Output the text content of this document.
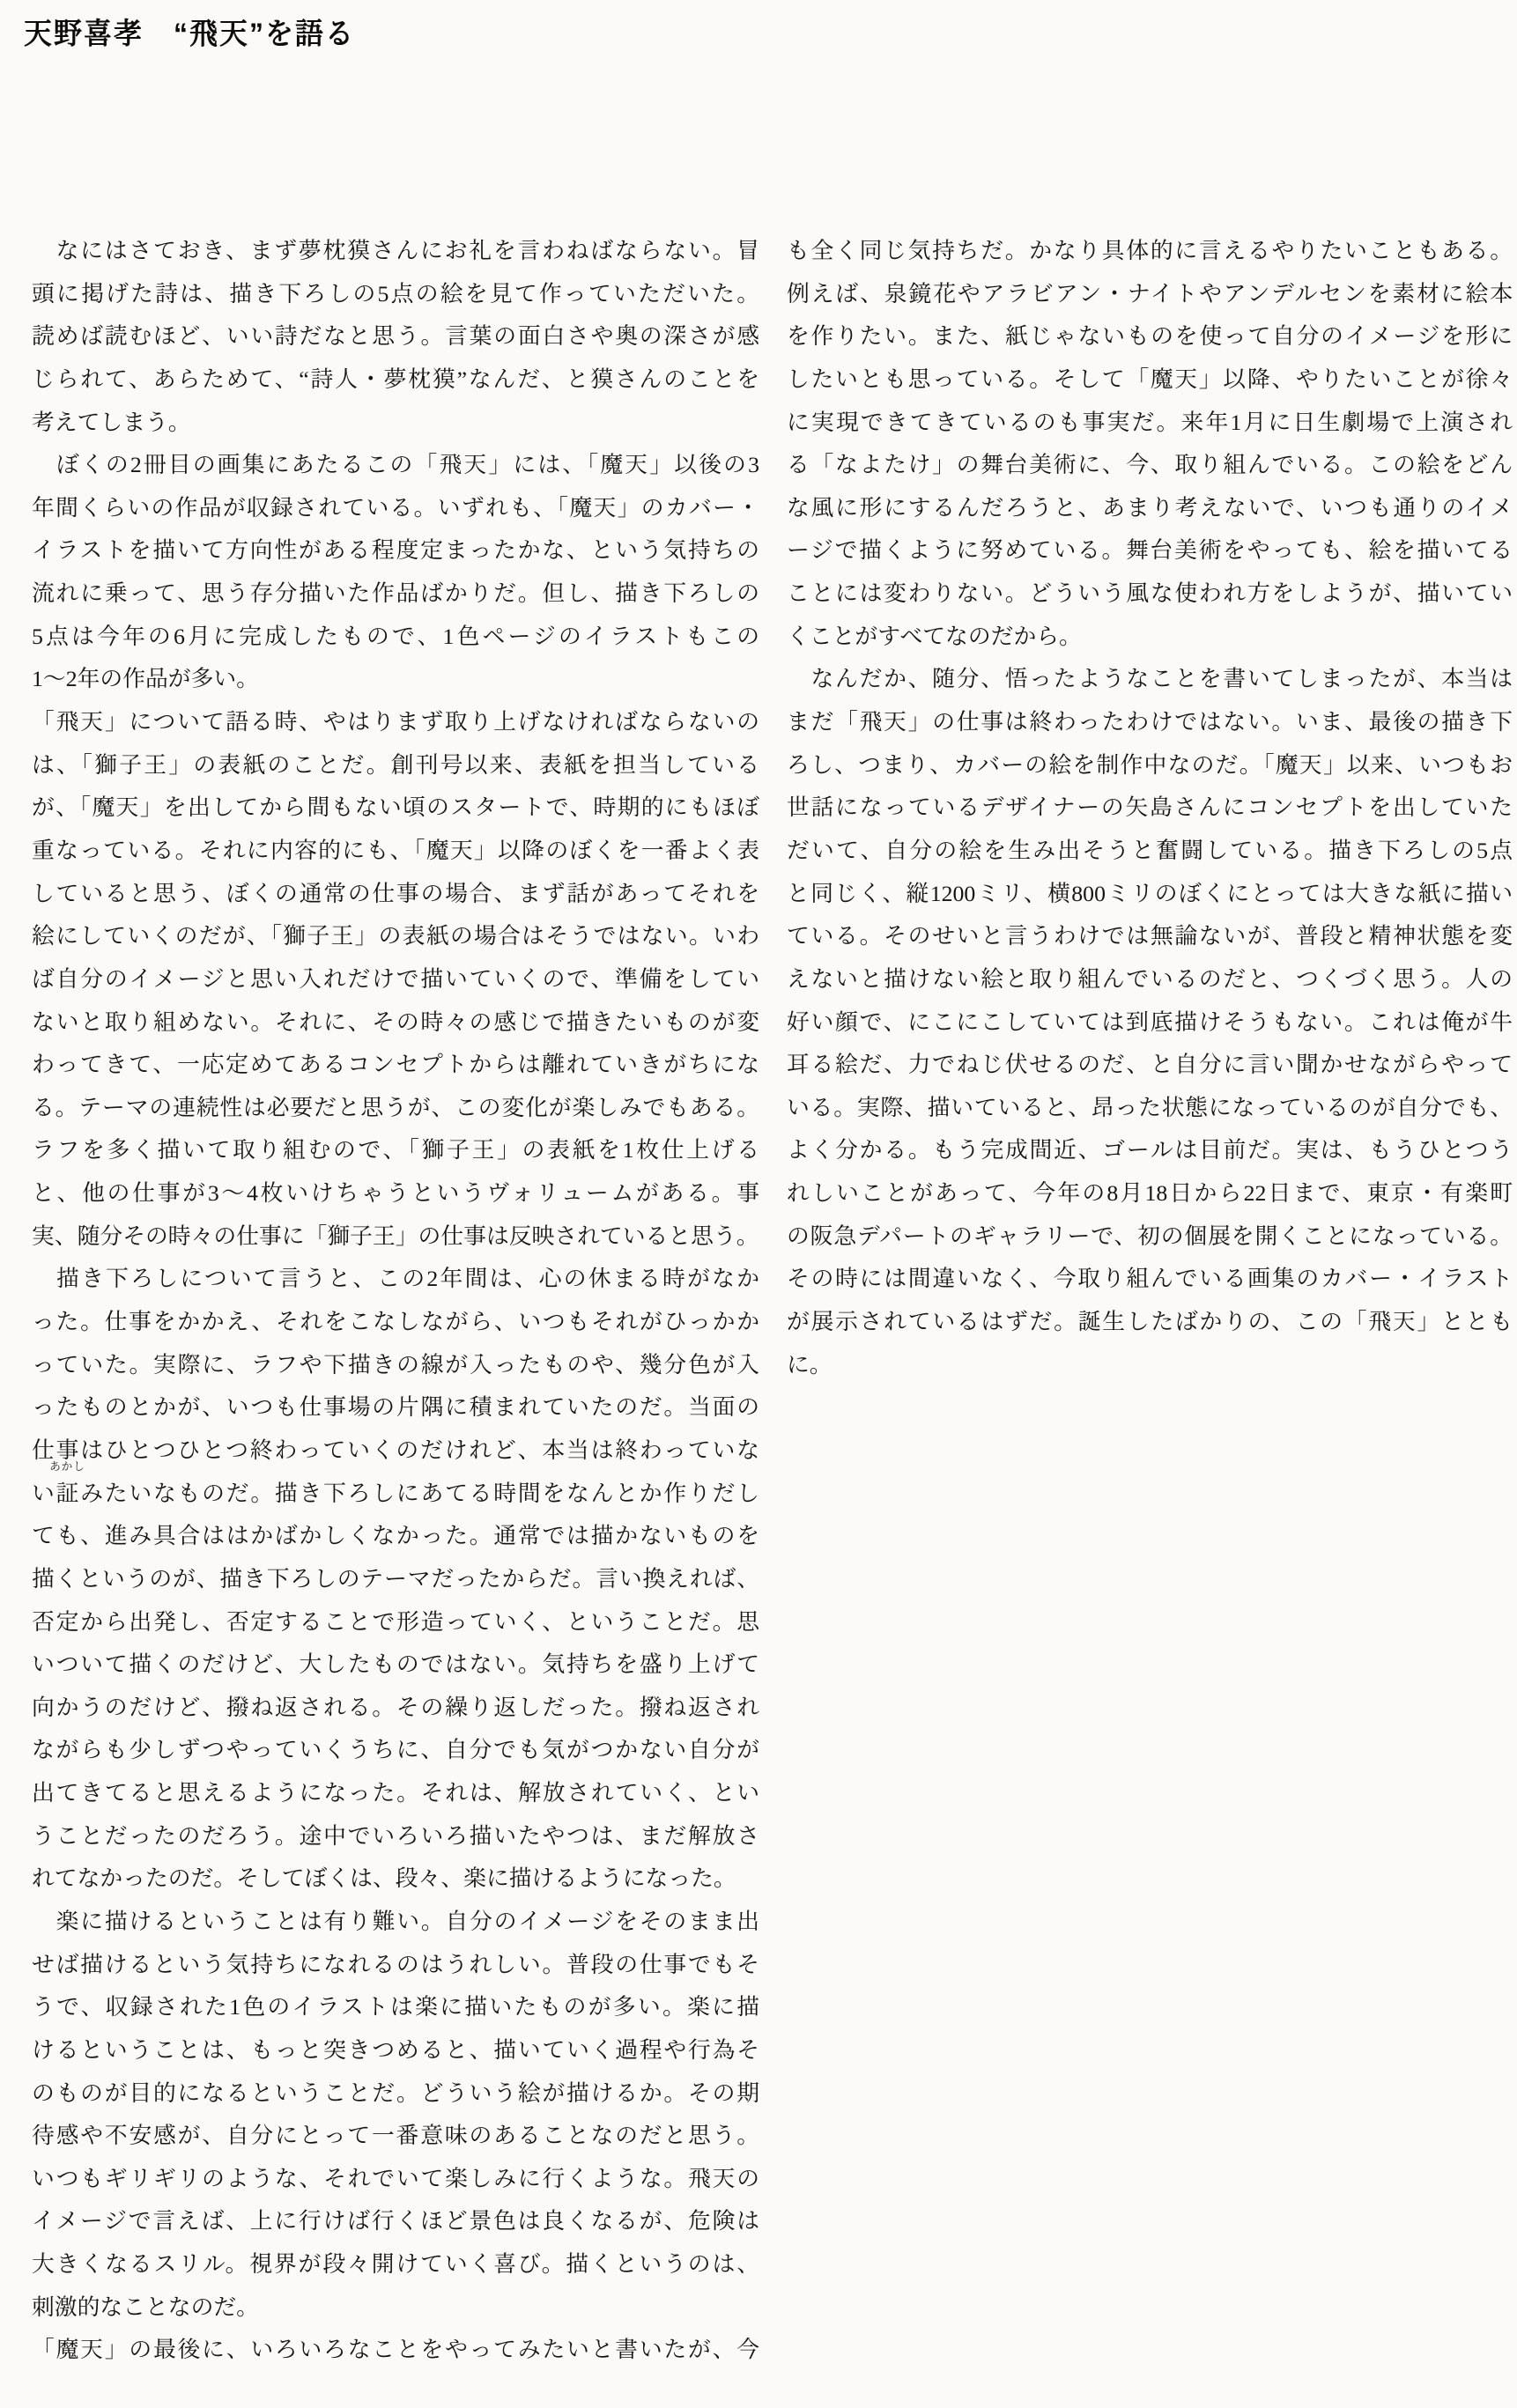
天野喜孝　“飛天”を語る
　なにはさておき、まず夢枕獏さんにお礼を言わねばならない。冒
頭に掲げた詩は、描き下ろしの5点の絵を見て作っていただいた。
読めば読むほど、いい詩だなと思う。言葉の面白さや奥の深さが感
じられて、あらためて、“詩人・夢枕獏”なんだ、と獏さんのことを
考えてしまう。
　ぼくの2冊目の画集にあたるこの「飛天」には、「魔天」以後の3
年間くらいの作品が収録されている。いずれも、「魔天」のカバー・
イラストを描いて方向性がある程度定まったかな、という気持ちの
流れに乗って、思う存分描いた作品ばかりだ。但し、描き下ろしの
5点は今年の6月に完成したもので、1色ページのイラストもこの
1～2年の作品が多い。
「飛天」について語る時、やはりまず取り上げなければならないの
は、「獅子王」の表紙のことだ。創刊号以来、表紙を担当している
が、「魔天」を出してから間もない頃のスタートで、時期的にもほぼ
重なっている。それに内容的にも、「魔天」以降のぼくを一番よく表
していると思う、ぼくの通常の仕事の場合、まず話があってそれを
絵にしていくのだが、「獅子王」の表紙の場合はそうではない。いわ
ば自分のイメージと思い入れだけで描いていくので、準備をしてい
ないと取り組めない。それに、その時々の感じで描きたいものが変
わってきて、一応定めてあるコンセプトからは離れていきがちにな
る。テーマの連続性は必要だと思うが、この変化が楽しみでもある。
ラフを多く描いて取り組むので、「獅子王」の表紙を1枚仕上げる
と、他の仕事が3～4枚いけちゃうというヴォリュームがある。事
実、随分その時々の仕事に「獅子王」の仕事は反映されていると思う。
　描き下ろしについて言うと、この2年間は、心の休まる時がなか
った。仕事をかかえ、それをこなしながら、いつもそれがひっかか
っていた。実際に、ラフや下描きの線が入ったものや、幾分色が入
ったものとかが、いつも仕事場の片隅に積まれていたのだ。当面の
仕事はひとつひとつ終わっていくのだけれど、本当は終わっていな
い証
あかし
みたいなものだ。描き下ろしにあてる時間をなんとか作りだし
ても、進み具合ははかばかしくなかった。通常では描かないものを
描くというのが、描き下ろしのテーマだったからだ。言い換えれば、
否定から出発し、否定することで形造っていく、ということだ。思
いついて描くのだけど、大したものではない。気持ちを盛り上げて
向かうのだけど、撥ね返される。その繰り返しだった。撥ね返され
ながらも少しずつやっていくうちに、自分でも気がつかない自分が
出てきてると思えるようになった。それは、解放されていく、とい
うことだったのだろう。途中でいろいろ描いたやつは、まだ解放さ
れてなかったのだ。そしてぼくは、段々、楽に描けるようになった。
　楽に描けるということは有り難い。自分のイメージをそのまま出
せば描けるという気持ちになれるのはうれしい。普段の仕事でもそ
うで、収録された1色のイラストは楽に描いたものが多い。楽に描
けるということは、もっと突きつめると、描いていく過程や行為そ
のものが目的になるということだ。どういう絵が描けるか。その期
待感や不安感が、自分にとって一番意味のあることなのだと思う。
いつもギリギリのような、それでいて楽しみに行くような。飛天の
イメージで言えば、上に行けば行くほど景色は良くなるが、危険は
大きくなるスリル。視界が段々開けていく喜び。描くというのは、
刺激的なことなのだ。
「魔天」の最後に、いろいろなことをやってみたいと書いたが、今
も全く同じ気持ちだ。かなり具体的に言えるやりたいこともある。
例えば、泉鏡花やアラビアン・ナイトやアンデルセンを素材に絵本
を作りたい。また、紙じゃないものを使って自分のイメージを形に
したいとも思っている。そして「魔天」以降、やりたいことが徐々
に実現できてきているのも事実だ。来年1月に日生劇場で上演され
る「なよたけ」の舞台美術に、今、取り組んでいる。この絵をどん
な風に形にするんだろうと、あまり考えないで、いつも通りのイメ
ージで描くように努めている。舞台美術をやっても、絵を描いてる
ことには変わりない。どういう風な使われ方をしようが、描いてい
くことがすべてなのだから。
　なんだか、随分、悟ったようなことを書いてしまったが、本当は
まだ「飛天」の仕事は終わったわけではない。いま、最後の描き下
ろし、つまり、カバーの絵を制作中なのだ。「魔天」以来、いつもお
世話になっているデザイナーの矢島さんにコンセプトを出していた
だいて、自分の絵を生み出そうと奮闘している。描き下ろしの5点
と同じく、縦1200ミリ、横800ミリのぼくにとっては大きな紙に描い
ている。そのせいと言うわけでは無論ないが、普段と精神状態を変
えないと描けない絵と取り組んでいるのだと、つくづく思う。人の
好い顔で、にこにこしていては到底描けそうもない。これは俺が牛
耳る絵だ、力でねじ伏せるのだ、と自分に言い聞かせながらやって
いる。実際、描いていると、昂った状態になっているのが自分でも、
よく分かる。もう完成間近、ゴールは目前だ。実は、もうひとつう
れしいことがあって、今年の8月18日から22日まで、東京・有楽町
の阪急デパートのギャラリーで、初の個展を開くことになっている。
その時には間違いなく、今取り組んでいる画集のカバー・イラスト
が展示されているはずだ。誕生したばかりの、この「飛天」とともに。
